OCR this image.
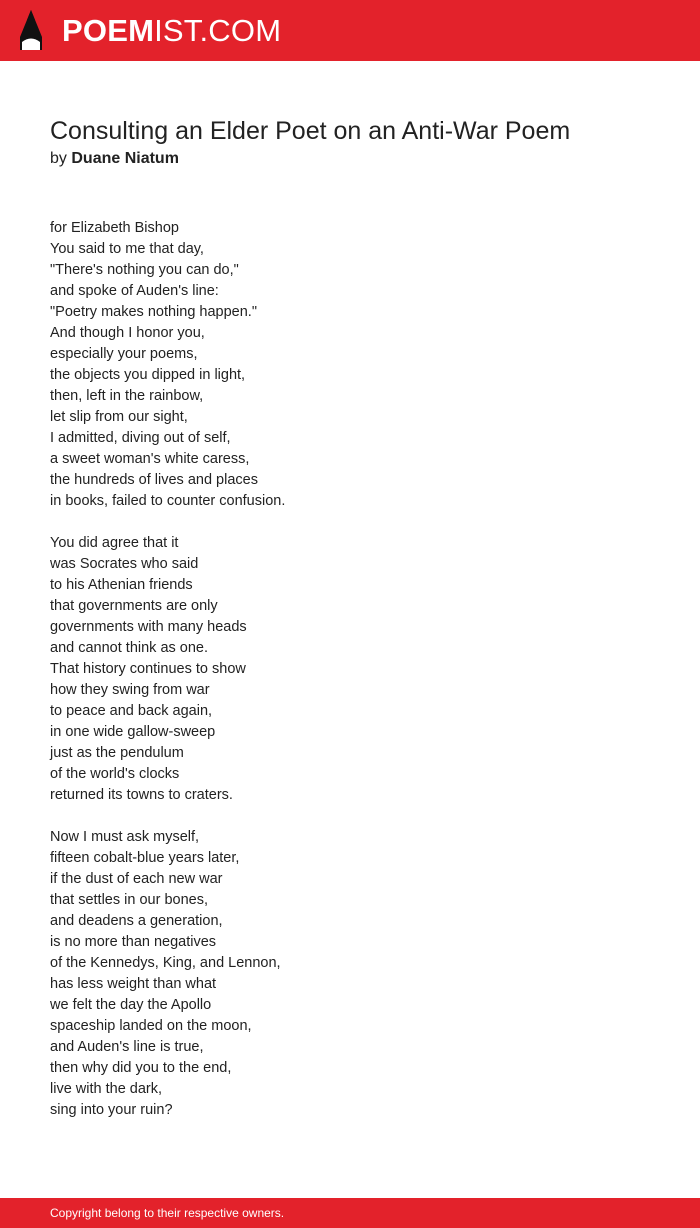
POEMIST.COM
Consulting an Elder Poet on an Anti-War Poem
by Duane Niatum
for Elizabeth Bishop
You said to me that day,
"There's nothing you can do,"
and spoke of Auden's line:
"Poetry makes nothing happen."
And though I honor you,
especially your poems,
the objects you dipped in light,
then, left in the rainbow,
let slip from our sight,
I admitted, diving out of self,
a sweet woman's white caress,
the hundreds of lives and places
in books, failed to counter confusion.
You did agree that it
was Socrates who said
to his Athenian friends
that governments are only
governments with many heads
and cannot think as one.
That history continues to show
how they swing from war
to peace and back again,
in one wide gallow-sweep
just as the pendulum
of the world's clocks
returned its towns to craters.
Now I must ask myself,
fifteen cobalt-blue years later,
if the dust of each new war
that settles in our bones,
and deadens a generation,
is no more than negatives
of the Kennedys, King, and Lennon,
has less weight than what
we felt the day the Apollo
spaceship landed on the moon,
and Auden's line is true,
then why did you to the end,
live with the dark,
sing into your ruin?
Copyright belong to their respective owners.
